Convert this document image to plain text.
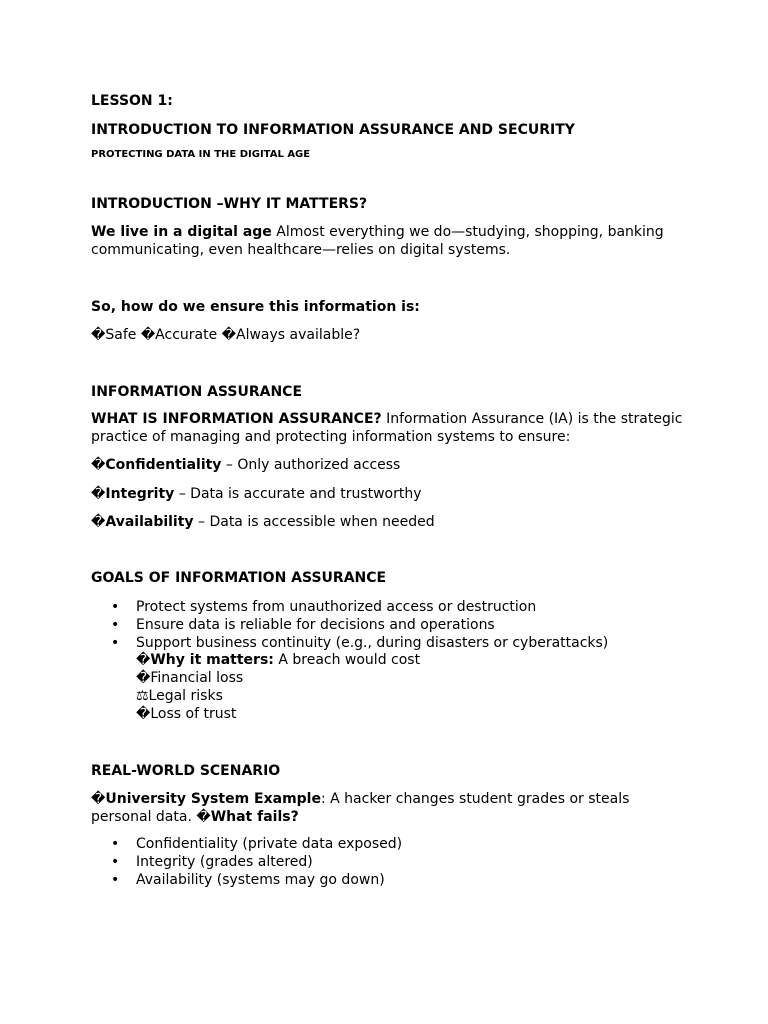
LESSON 1:

INTRODUCTION TO INFORMATION ASSURANCE AND SECURITY

PROTECTING DATA IN THE DIGITAL AGE

INTRODUCTION –WHY IT MATTERS?

We live in a digital age Almost everything we do—studying, shopping, banking communicating, even healthcare—relies on digital systems.

So, how do we ensure this information is:

�Safe �Accurate �Always available?

INFORMATION ASSURANCE

WHAT IS INFORMATION ASSURANCE? Information Assurance (IA) is the strategic practice of managing and protecting information systems to ensure:

�Confidentiality – Only authorized access

�Integrity – Data is accurate and trustworthy

�Availability – Data is accessible when needed

GOALS OF INFORMATION ASSURANCE

• Protect systems from unauthorized access or destruction
• Ensure data is reliable for decisions and operations
• Support business continuity (e.g., during disasters or cyberattacks)
�Why it matters: A breach would cost
�Financial loss
⚖Legal risks
�Loss of trust

REAL-WORLD SCENARIO

�University System Example: A hacker changes student grades or steals personal data. �What fails?

• Confidentiality (private data exposed)
• Integrity (grades altered)
• Availability (systems may go down)
